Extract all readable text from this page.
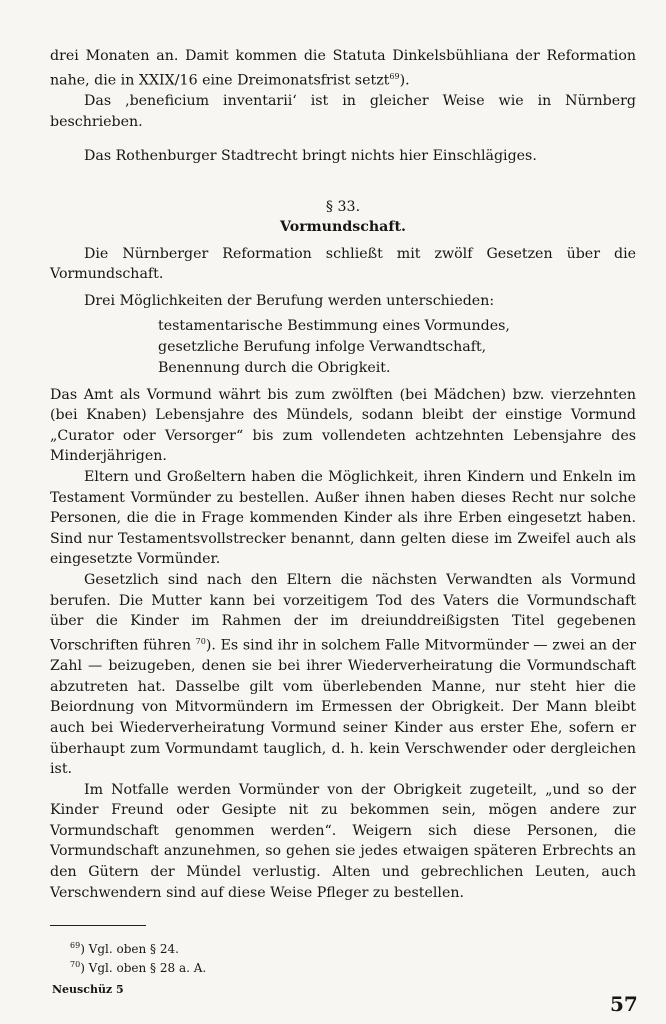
drei Monaten an. Damit kommen die Statuta Dinkelsbühliana der Reformation nahe, die in XXIX/16 eine Dreimonatsfrist setzt$^{69}$).

Das ‚beneficium inventarii‘ ist in gleicher Weise wie in Nürnberg beschrieben.

Das Rothenburger Stadtrecht bringt nichts hier Einschlägiges.

§ 33.

Vormundschaft.

Die Nürnberger Reformation schließt mit zwölf Gesetzen über die Vormundschaft.

Drei Möglichkeiten der Berufung werden unterschieden:

testamentarische Bestimmung eines Vormundes,
gesetzliche Berufung infolge Verwandtschaft,
Benennung durch die Obrigkeit.

Das Amt als Vormund währt bis zum zwölften (bei Mädchen) bzw. vierzehnten (bei Knaben) Lebensjahre des Mündels, sodann bleibt der einstige Vormund „Curator oder Versorger“ bis zum vollendeten achtzehnten Lebensjahre des Minderjährigen.

Eltern und Großeltern haben die Möglichkeit, ihren Kindern und Enkeln im Testament Vormünder zu bestellen. Außer ihnen haben dieses Recht nur solche Personen, die die in Frage kommenden Kinder als ihre Erben eingesetzt haben. Sind nur Testamentsvollstrecker benannt, dann gelten diese im Zweifel auch als eingesetzte Vormünder.

Gesetzlich sind nach den Eltern die nächsten Verwandten als Vormund berufen. Die Mutter kann bei vorzeitigem Tod des Vaters die Vormundschaft über die Kinder im Rahmen der im dreiunddreißigsten Titel gegebenen Vorschriften führen $^{70}$). Es sind ihr in solchem Falle Mitvormünder — zwei an der Zahl — beizugeben, denen sie bei ihrer Wiederverheiratung die Vormundschaft abzutreten hat. Dasselbe gilt vom überlebenden Manne, nur steht hier die Beiordnung von Mitvormündern im Ermessen der Obrigkeit. Der Mann bleibt auch bei Wiederverheiratung Vormund seiner Kinder aus erster Ehe, sofern er überhaupt zum Vormundamt tauglich, d. h. kein Verschwender oder dergleichen ist.

Im Notfalle werden Vormünder von der Obrigkeit zugeteilt, „und so der Kinder Freund oder Gesipte nit zu bekommen sein, mögen andere zur Vormundschaft genommen werden“. Weigern sich diese Personen, die Vormundschaft anzunehmen, so gehen sie jedes etwaigen späteren Erbrechts an den Gütern der Mündel verlustig. Alten und gebrechlichen Leuten, auch Verschwendern sind auf diese Weise Pfleger zu bestellen.

$^{69}$) Vgl. oben § 24.
$^{70}$) Vgl. oben § 28 a. A.
Neuschüz 5
57
